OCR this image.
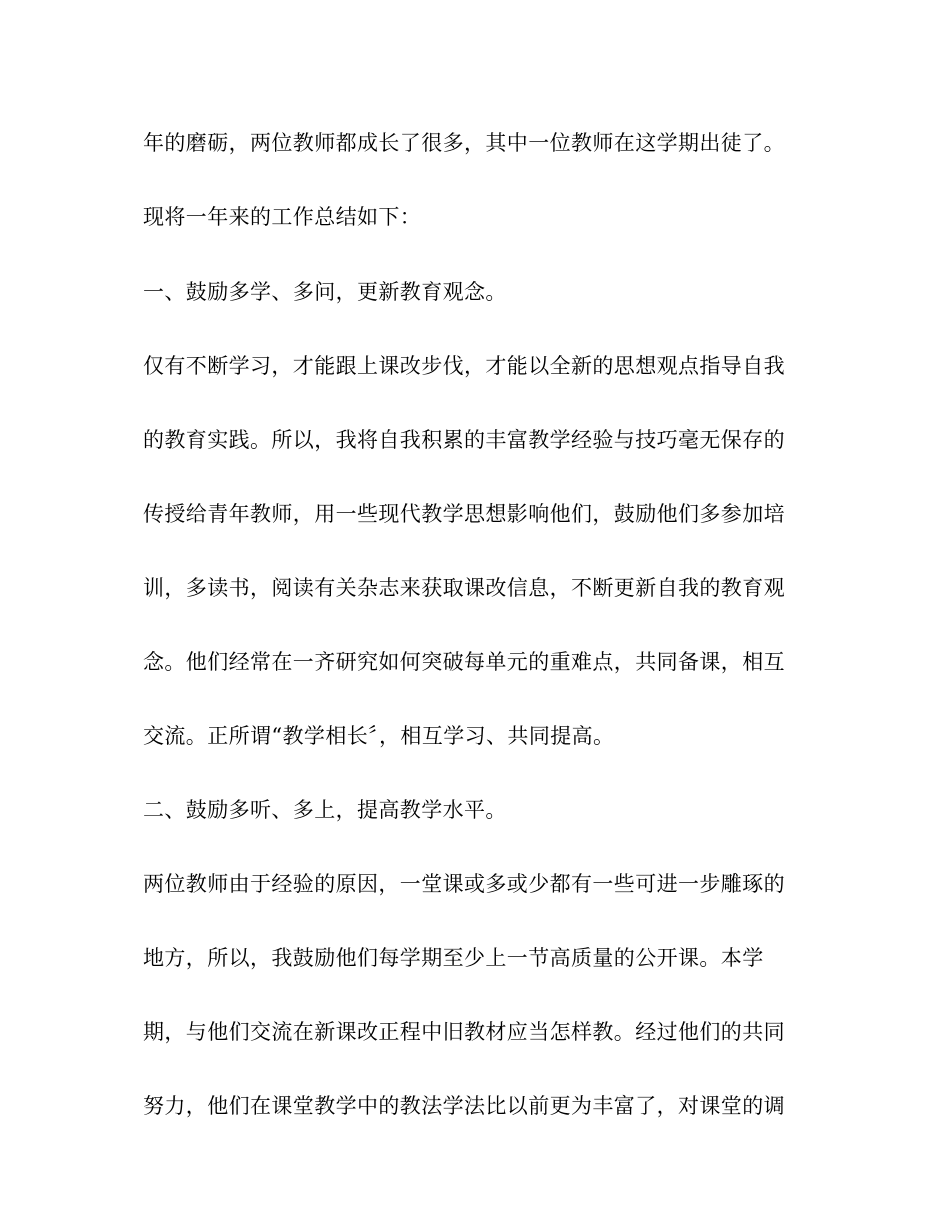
年的磨砺，两位教师都成长了很多，其中一位教师在这学期出徒了。
现将一年来的工作总结如下：
一、鼓励多学、多问，更新教育观念。
仅有不断学习，才能跟上课改步伐，才能以全新的思想观点指导自我
的教育实践。所以，我将自我积累的丰富教学经验与技巧毫无保存的
传授给青年教师，用一些现代教学思想影响他们，鼓励他们多参加培
训，多读书，阅读有关杂志来获取课改信息，不断更新自我的教育观
念。他们经常在一齐研究如何突破每单元的重难点，共同备课，相互
交流。正所谓“教学相长〞，相互学习、共同提高。
二、鼓励多听、多上，提高教学水平。
两位教师由于经验的原因，一堂课或多或少都有一些可进一步雕琢的
地方，所以，我鼓励他们每学期至少上一节高质量的公开课。本学
期，与他们交流在新课改正程中旧教材应当怎样教。经过他们的共同
努力，他们在课堂教学中的教法学法比以前更为丰富了，对课堂的调
